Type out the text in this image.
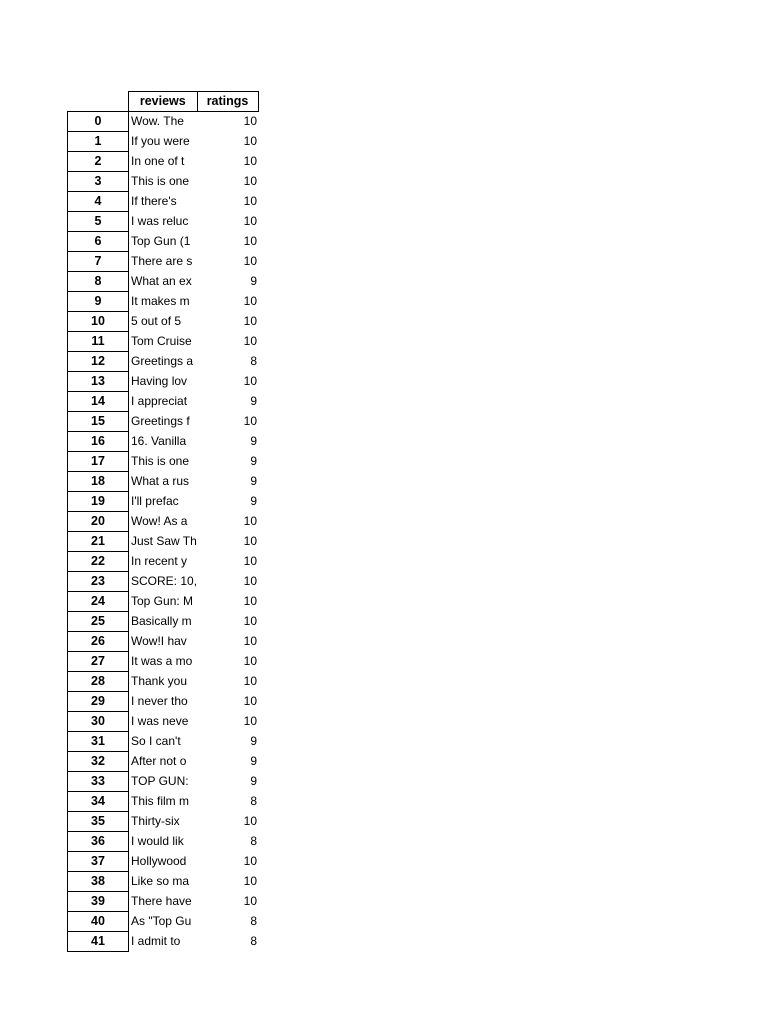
	reviews	ratings
0	Wow. The	10
1	If you were	10
2	In one of t	10
3	This is one	10
4	If there's	10
5	I was reluc	10
6	Top Gun (1	10
7	There are s	10
8	What an ex	9
9	It makes m	10
10	5 out of 5	10
11	Tom Cruise	10
12	Greetings a	8
13	Having lov	10
14	I appreciat	9
15	Greetings f	10
16	16. Vanilla	9
17	This is one	9
18	What a rus	9
19	I'll prefac	9
20	Wow! As a	10
21	Just Saw Th	10
22	In recent y	10
23	SCORE: 10,	10
24	Top Gun: M	10
25	Basically m	10
26	Wow!I hav	10
27	It was a mo	10
28	Thank you	10
29	I never tho	10
30	I was neve	10
31	So I can't	9
32	After not o	9
33	TOP GUN:	9
34	This film m	8
35	Thirty-six	10
36	I would lik	8
37	Hollywood	10
38	Like so ma	10
39	There have	10
40	As "Top Gu	8
41	I admit to	8
